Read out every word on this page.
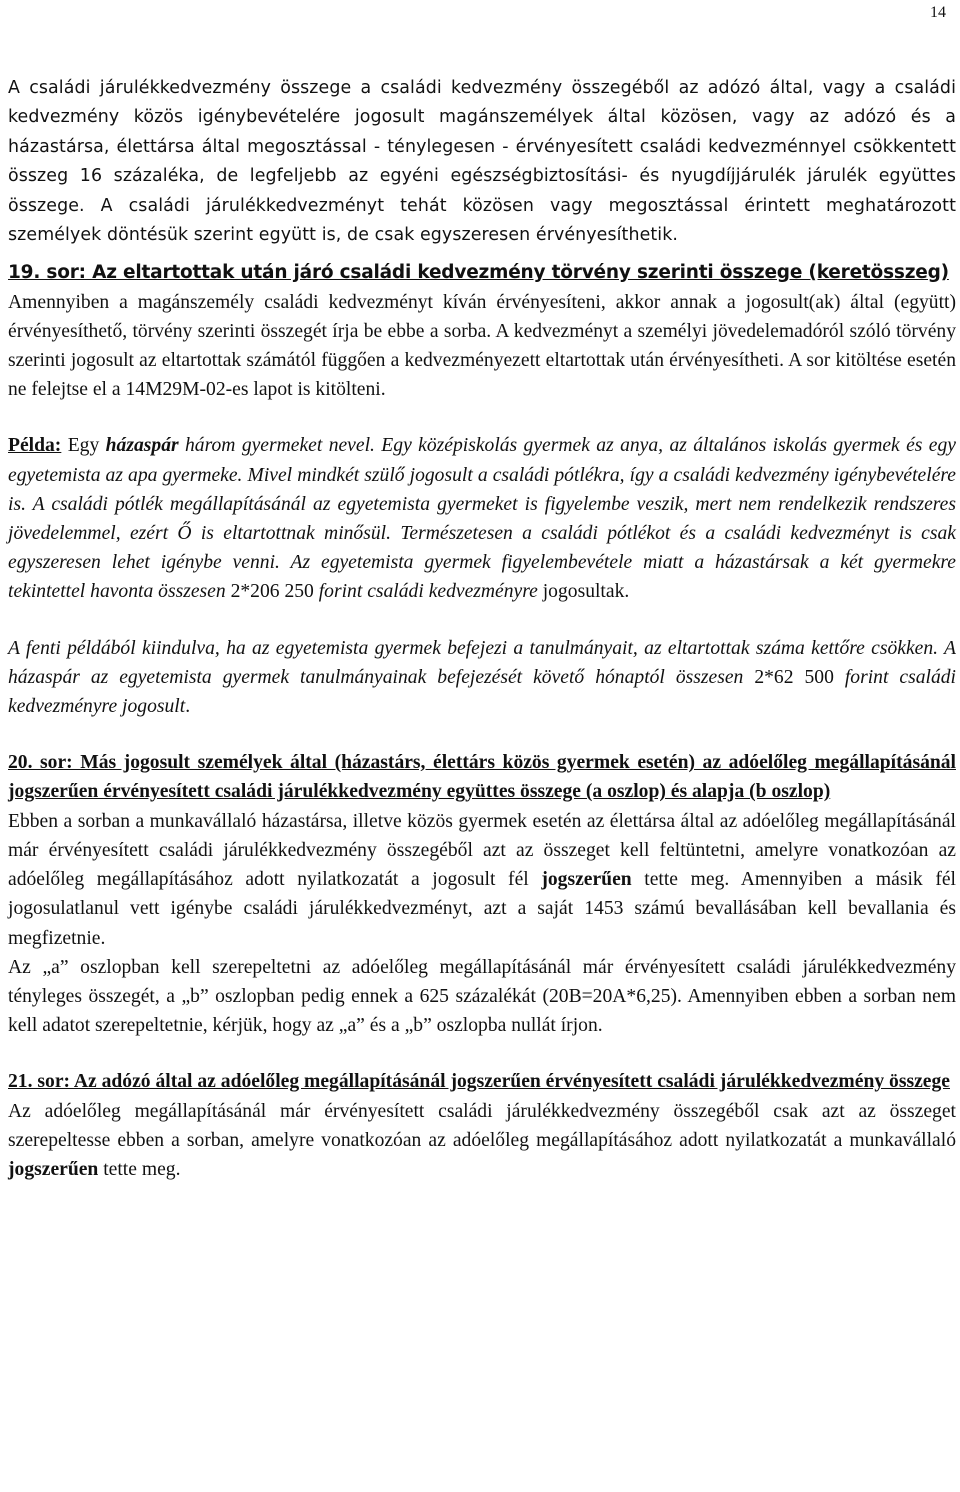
14

A családi járulékkedvezmény összege a családi kedvezmény összegéből az adózó által, vagy a családi kedvezmény közös igénybevételére jogosult magánszemélyek által közösen, vagy az adózó és a házastársa, élettársa által megosztással - ténylegesen - érvényesített családi kedvezménnyel csökkentett összeg 16 százaléka, de legfeljebb az egyéni egészségbiztosítási- és nyugdíjjárulék járulék együttes összege. A családi járulékkedvezményt tehát közösen vagy megosztással érintett meghatározott személyek döntésük szerint együtt is, de csak egyszeresen érvényesíthetik.

19. sor: Az eltartottak után járó családi kedvezmény törvény szerinti összege (keretösszeg)

Amennyiben a magánszemély családi kedvezményt kíván érvényesíteni, akkor annak a jogosult(ak) által (együtt) érvényesíthető, törvény szerinti összegét írja be ebbe a sorba. A kedvezményt a személyi jövedelemadóról szóló törvény szerinti jogosult az eltartottak számától függően a kedvezményezett eltartottak után érvényesítheti. A sor kitöltése esetén ne felejtse el a 14M29M-02-es lapot is kitölteni.

Példa: Egy házaspár három gyermeket nevel. Egy középiskolás gyermek az anya, az általános iskolás gyermek és egy egyetemista az apa gyermeke. Mivel mindkét szülő jogosult a családi pótlékra, így a családi kedvezmény igénybevételére is. A családi pótlék megállapításánál az egyetemista gyermeket is figyelembe veszik, mert nem rendelkezik rendszeres jövedelemmel, ezért Ő is eltartottnak minősül. Természetesen a családi pótlékot és a családi kedvezményt is csak egyszeresen lehet igénybe venni. Az egyetemista gyermek figyelembevétele miatt a házastársak a két gyermekre tekintettel havonta összesen 2*206 250 forint családi kedvezményre jogosultak.

A fenti példából kiindulva, ha az egyetemista gyermek befejezi a tanulmányait, az eltartottak száma kettőre csökken. A házaspár az egyetemista gyermek tanulmányainak befejezését követő hónaptól összesen 2*62 500 forint családi kedvezményre jogosult.

20. sor: Más jogosult személyek által (házastárs, élettárs közös gyermek esetén) az adóelőleg megállapításánál jogszerűen érvényesített családi járulékkedvezmény együttes összege (a oszlop) és alapja (b oszlop)

Ebben a sorban a munkavállaló házastársa, illetve közös gyermek esetén az élettársa által az adóelőleg megállapításánál már érvényesített családi járulékkedvezmény összegéből azt az összeget kell feltüntetni, amelyre vonatkozóan az adóelőleg megállapításához adott nyilatkozatát a jogosult fél jogszerűen tette meg. Amennyiben a másik fél jogosulatlanul vett igénybe családi járulékkedvezményt, azt a saját 1453 számú bevallásában kell bevallania és megfizetnie.

Az „a” oszlopban kell szerepeltetni az adóelőleg megállapításánál már érvényesített családi járulékkedvezmény tényleges összegét, a „b” oszlopban pedig ennek a 625 százalékát (20B=20A*6,25). Amennyiben ebben a sorban nem kell adatot szerepeltetnie, kérjük, hogy az „a” és a „b” oszlopba nullát írjon.

21. sor: Az adózó által az adóelőleg megállapításánál jogszerűen érvényesített családi járulékkedvezmény összege

Az adóelőleg megállapításánál már érvényesített családi járulékkedvezmény összegéből csak azt az összeget szerepeltesse ebben a sorban, amelyre vonatkozóan az adóelőleg megállapításához adott nyilatkozatát a munkavállaló jogszerűen tette meg.
